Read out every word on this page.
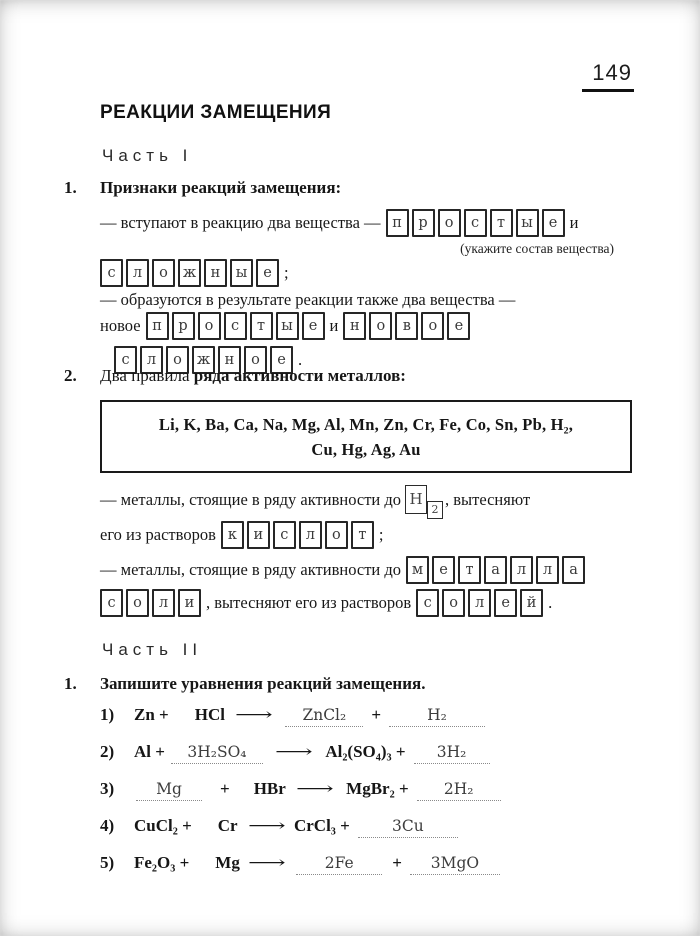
149
РЕАКЦИИ ЗАМЕЩЕНИЯ
Часть I
1. Признаки реакций замещения:
— вступают в реакцию два вещества — п	р	о	с	т	ы	е и
(укажите состав вещества)
с	л	о	ж н	ы	е ;
— образуются в результате реакции также два вещества —
новое п	р	о	с	т	ы	е и н	о	в	о	е
с	л	о	ж н	о	е .
2. Два правила ряда активности металлов:
Li, K, Ba, Ca, Na, Mg, Al, Mn, Zn, Cr, Fe, Co, Sn, Pb, H₂,
Cu, Hg, Ag, Au
— металлы, стоящие в ряду активности до H2, вытесняют
его из растворов к	и	с	л	о	т ;
— металлы, стоящие в ряду активности до м	е	т	а	л	л	а
с	о	л	и , вытесняют его из растворов с	о	л	е	й .
Часть II
1. Запишите уравнения реакций замещения.
1)	Zn + HCl ⟶	ZnCl₂	+	H₂
2)	Al +	3H₂SO₄	⟶ Al₂(SO₄)₃ +	3H₂
3)	Mg	+ HBr ⟶ MgBr₂ +	2H₂
4)	CuCl₂ + Cr ⟶ CrCl₃ +	3Cu
5)	Fe₂O₃ + Mg ⟶	2Fe	+	3MgO
